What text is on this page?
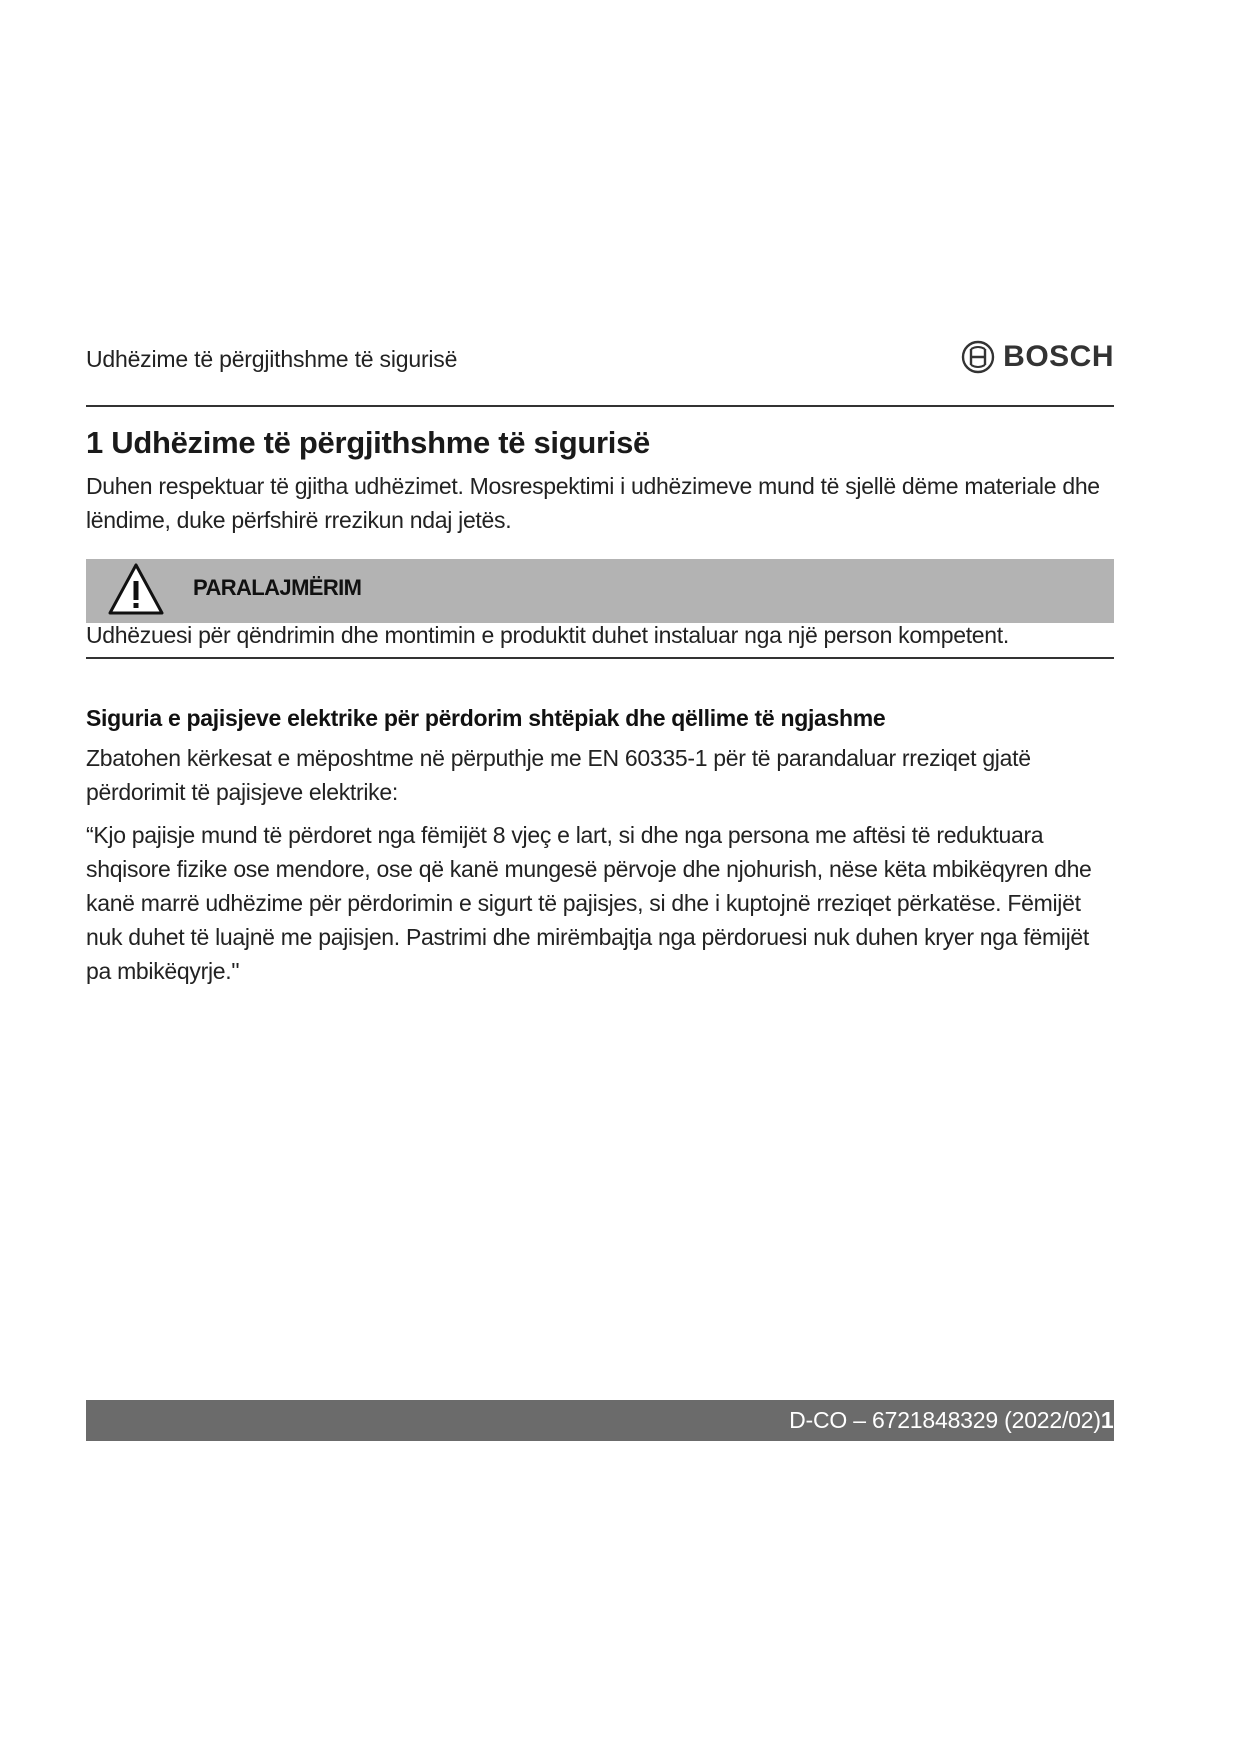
Udhëzime të përgjithshme të sigurisë	BOSCH
1 Udhëzime të përgjithshme të sigurisë
Duhen respektuar të gjitha udhëzimet. Mosrespektimi i udhëzimeve mund të sjellë dëme materiale dhe lëndime, duke përfshirë rrezikun ndaj jetës.
PARALAJMËRIM
Udhëzuesi për qëndrimin dhe montimin e produktit duhet instaluar nga një person kompetent.
Siguria e pajisjeve elektrike për përdorim shtëpiak dhe qëllime të ngjashme
Zbatohen kërkesat e mëposhtme në përputhje me EN 60335-1 për të parandaluar rreziqet gjatë përdorimit të pajisjeve elektrike:
“Kjo pajisje mund të përdoret nga fëmijët 8 vjeç e lart, si dhe nga persona me aftësi të reduktuara shqisore fizike ose mendore, ose që kanë mungesë përvoje dhe njohurish, nëse këta mbikëqyren dhe kanë marrë udhëzime për përdorimin e sigurt të pajisjes, si dhe i kuptojnë rreziqet përkatëse. Fëmijët nuk duhet të luajnë me pajisjen. Pastrimi dhe mirëmbajtja nga përdoruesi nuk duhen kryer nga fëmijët pa mbikëqyrje."
D-CO – 6721848329 (2022/02)15
